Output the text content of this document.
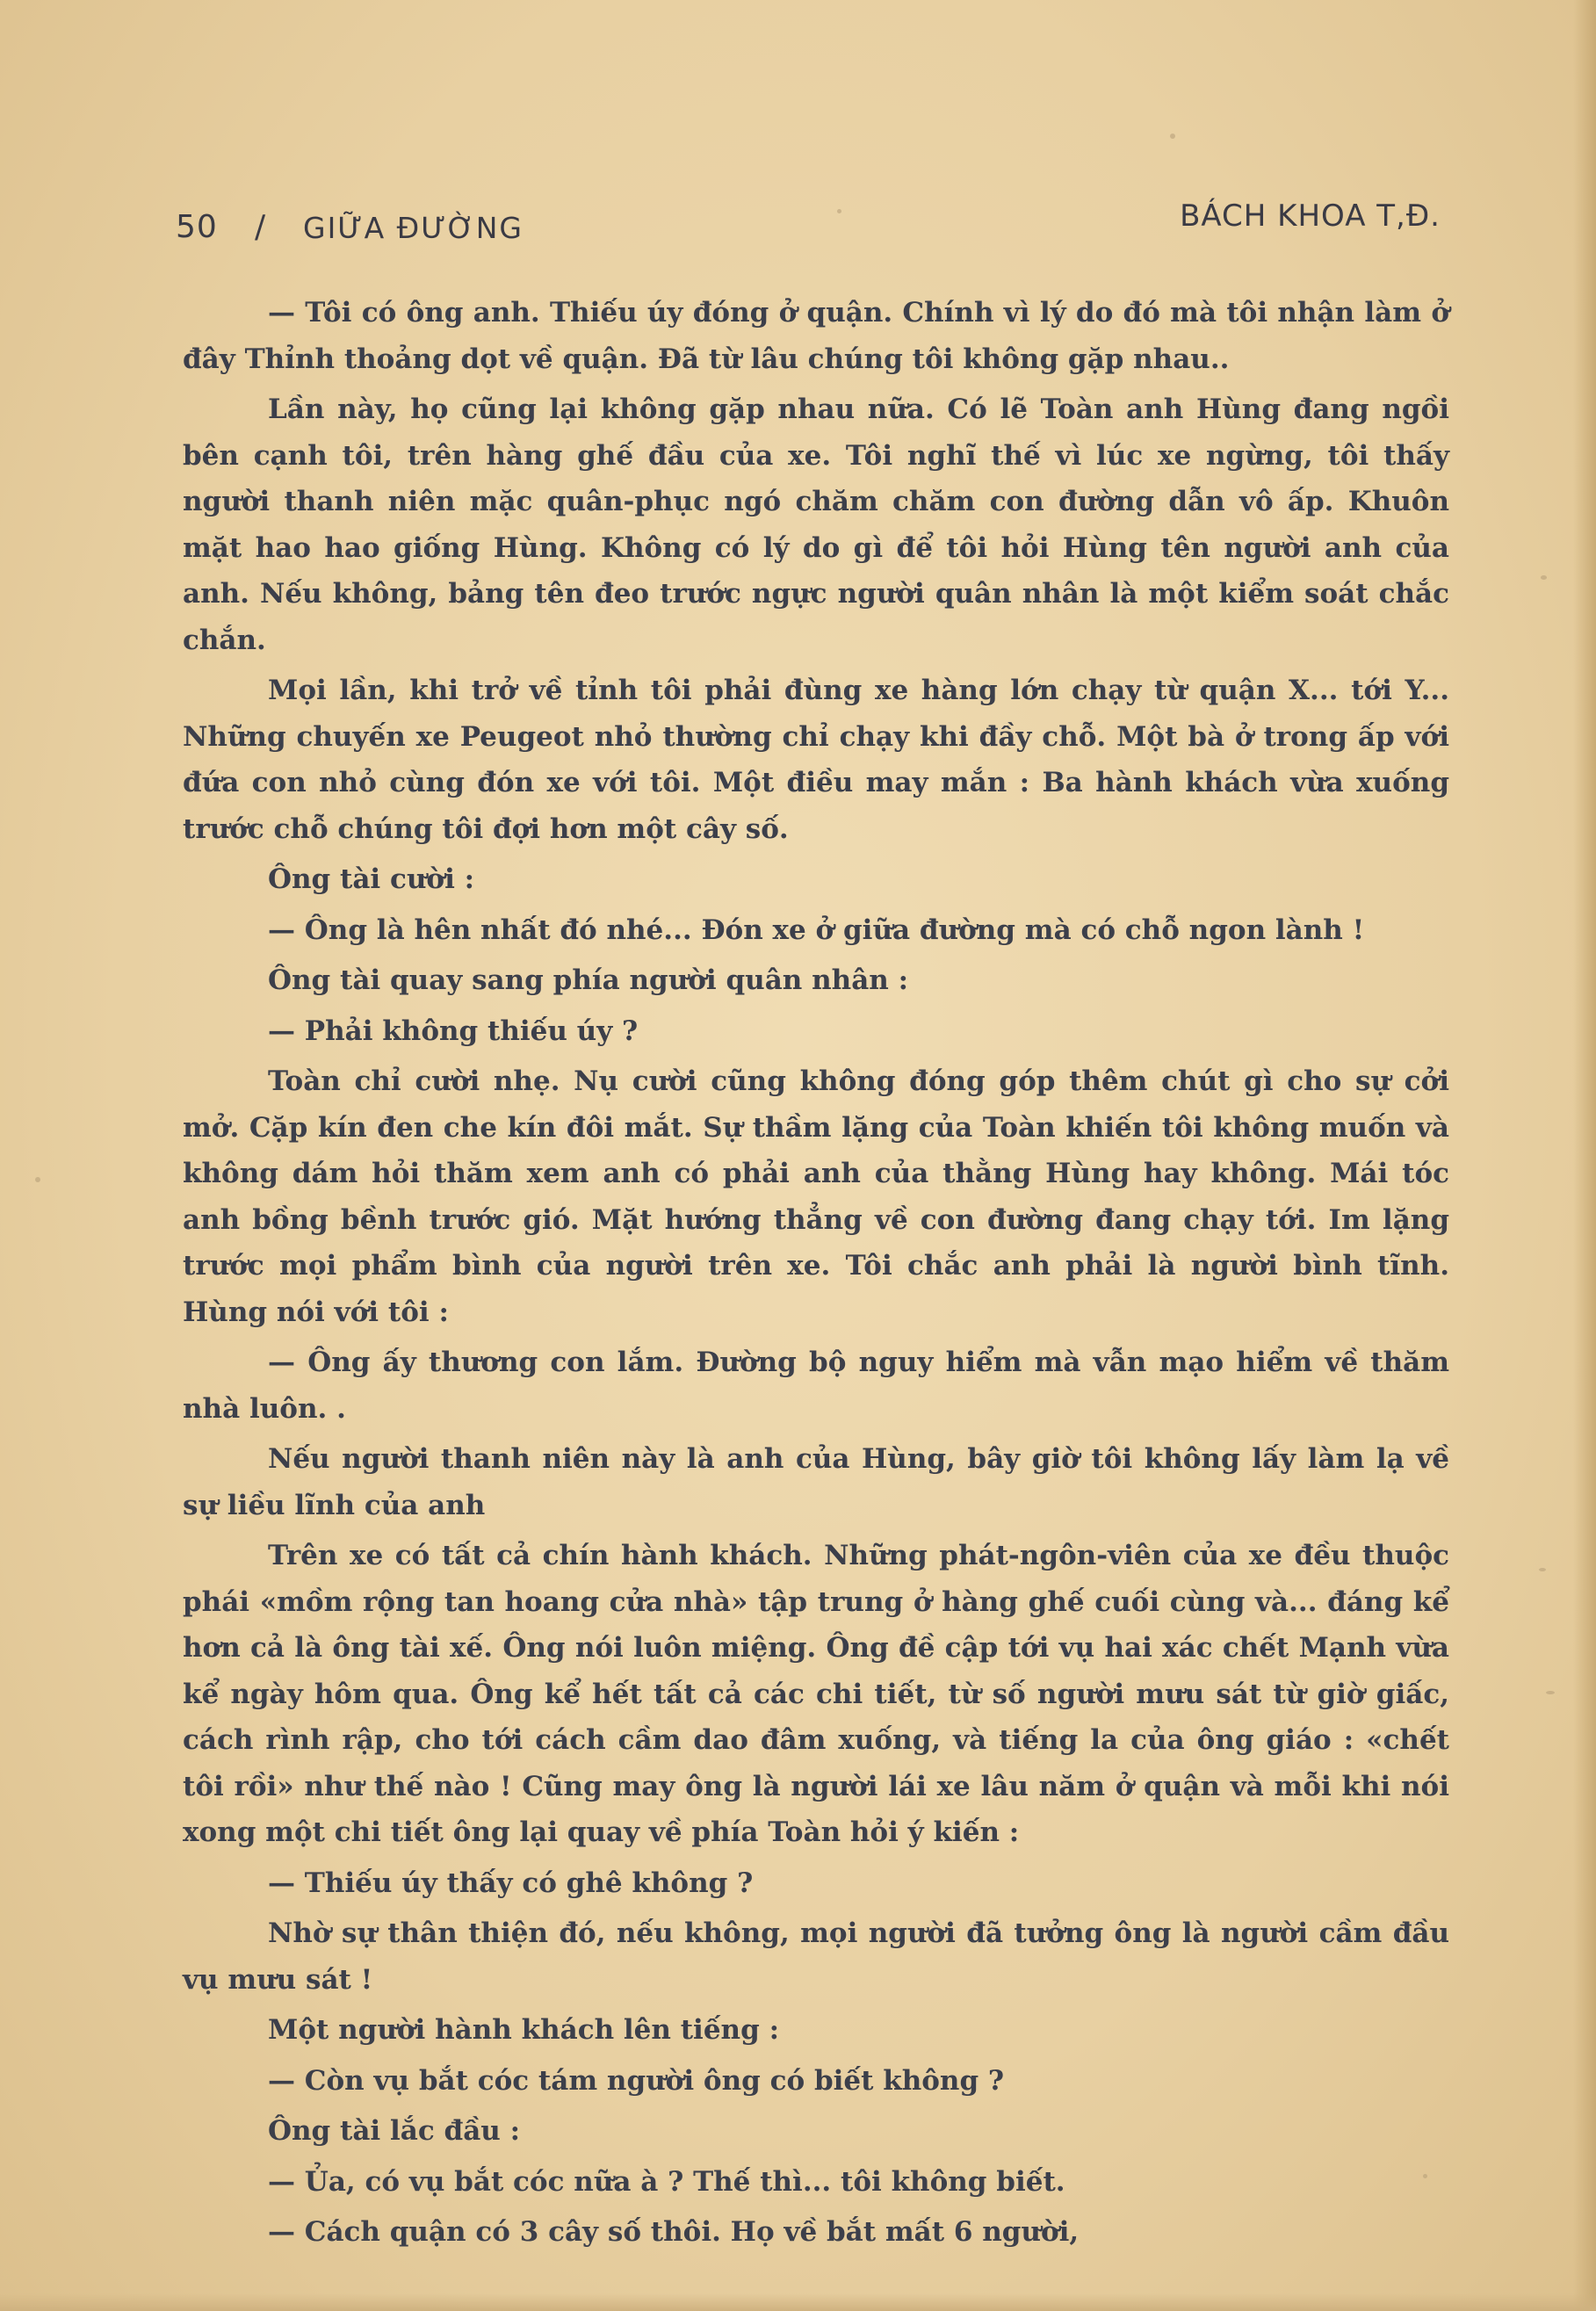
50 / GIỮA ĐƯỜNG	BÁCH KHOA T,Đ.

— Tôi có ông anh. Thiếu úy đóng ở quận. Chính vì lý do đó mà tôi nhận làm ở đây Thỉnh thoảng dọt về quận. Đã từ lâu chúng tôi không gặp nhau..

Lần này, họ cũng lại không gặp nhau nữa. Có lẽ Toàn anh Hùng đang ngồi bên cạnh tôi, trên hàng ghế đầu của xe. Tôi nghĩ thế vì lúc xe ngừng, tôi thấy người thanh niên mặc quân-phục ngó chăm chăm con đường dẫn vô ấp. Khuôn mặt hao hao giống Hùng. Không có lý do gì để tôi hỏi Hùng tên người anh của anh. Nếu không, bảng tên đeo trước ngực người quân nhân là một kiểm soát chắc chắn.

Mọi lần, khi trở về tỉnh tôi phải đùng xe hàng lớn chạy từ quận X... tới Y... Những chuyến xe Peugeot nhỏ thường chỉ chạy khi đầy chỗ. Một bà ở trong ấp với đứa con nhỏ cùng đón xe với tôi. Một điều may mắn : Ba hành khách vừa xuống trước chỗ chúng tôi đợi hơn một cây số.

Ông tài cười :

— Ông là hên nhất đó nhé... Đón xe ở giữa đường mà có chỗ ngon lành !

Ông tài quay sang phía người quân nhân :

— Phải không thiếu úy ?

Toàn chỉ cười nhẹ. Nụ cười cũng không đóng góp thêm chút gì cho sự cởi mở. Cặp kín đen che kín đôi mắt. Sự thầm lặng của Toàn khiến tôi không muốn và không dám hỏi thăm xem anh có phải anh của thằng Hùng hay không. Mái tóc anh bồng bềnh trước gió. Mặt hướng thẳng về con đường đang chạy tới. Im lặng trước mọi phẩm bình của người trên xe. Tôi chắc anh phải là người bình tĩnh. Hùng nói với tôi :

— Ông ấy thương con lắm. Đường bộ nguy hiểm mà vẫn mạo hiểm về thăm nhà luôn. .

Nếu người thanh niên này là anh của Hùng, bây giờ tôi không lấy làm lạ về sự liều lĩnh của anh

Trên xe có tất cả chín hành khách. Những phát-ngôn-viên của xe đều thuộc phái «mồm rộng tan hoang cửa nhà» tập trung ở hàng ghế cuối cùng và... đáng kể hơn cả là ông tài xế. Ông nói luôn miệng. Ông đề cập tới vụ hai xác chết Mạnh vừa kể ngày hôm qua. Ông kể hết tất cả các chi tiết, từ số người mưu sát từ giờ giấc, cách rình rập, cho tới cách cầm dao đâm xuống, và tiếng la của ông giáo : «chết tôi rồi» như thế nào ! Cũng may ông là người lái xe lâu năm ở quận và mỗi khi nói xong một chi tiết ông lại quay về phía Toàn hỏi ý kiến :

— Thiếu úy thấy có ghê không ?

Nhờ sự thân thiện đó, nếu không, mọi người đã tưởng ông là người cầm đầu vụ mưu sát !

Một người hành khách lên tiếng :

— Còn vụ bắt cóc tám người ông có biết không ?

Ông tài lắc đầu :

— Ủa, có vụ bắt cóc nữa à ? Thế thì... tôi không biết.

— Cách quận có 3 cây số thôi. Họ về bắt mất 6 người,
